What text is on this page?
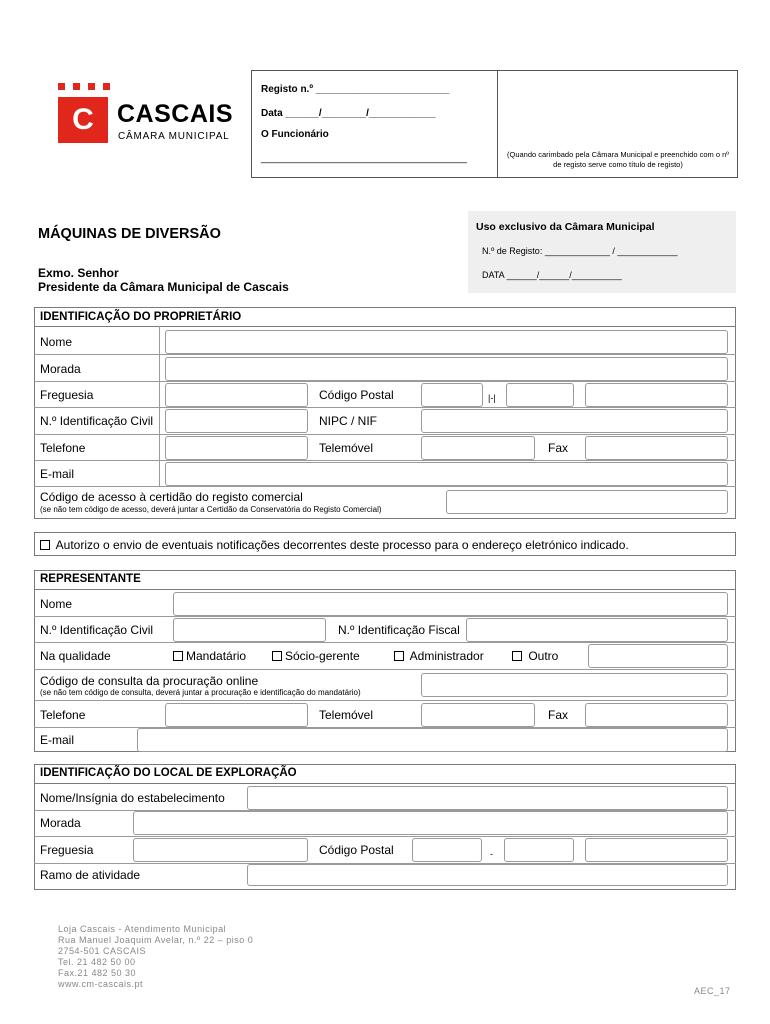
C CASCAIS
CÂMARA MUNICIPAL
Registo n.º ________________________
Data ______/________/____________
O Funcionário
_____________________________________	(Quando carimbado pela Câmara Municipal e preenchido com o nº de registo serve como título de registo)
MÁQUINAS DE DIVERSÃO
Exmo. Senhor
Presidente da Câmara Municipal de Cascais
Uso exclusivo da Câmara Municipal
N.º de Registo: _____________ / ____________
DATA ______/______/__________
IDENTIFICAÇÃO DO PROPRIETÁRIO
Nome
Morada
Freguesia	Código Postal	|-|
N.º Identificação Civil	NIPC / NIF
Telefone	Telemóvel	Fax
E-mail
Código de acesso à certidão do registo comercial
(se não tem código de acesso, deverá juntar a Certidão da Conservatória do Registo Comercial)
Autorizo o envio de eventuais notificações decorrentes deste processo para o endereço eletrónico indicado.
REPRESENTANTE
Nome
N.º Identificação Civil	N.º Identificação Fiscal
Na qualidade	Mandatário	Sócio-gerente	Administrador	Outro
Código de consulta da procuração online
(se não tem código de consulta, deverá juntar a procuração e identificação do mandatário)
Telefone	Telemóvel	Fax
E-mail
IDENTIFICAÇÃO DO LOCAL DE EXPLORAÇÃO
Nome/Insígnia do estabelecimento
Morada
Freguesia	Código Postal	-
Ramo de atividade
Loja Cascais - Atendimento Municipal
Rua Manuel Joaquim Avelar, n.º 22 – piso 0
2754-501 CASCAIS
Tel. 21 482 50 00
Fax.21 482 50 30
www.cm-cascais.pt
AEC_17
